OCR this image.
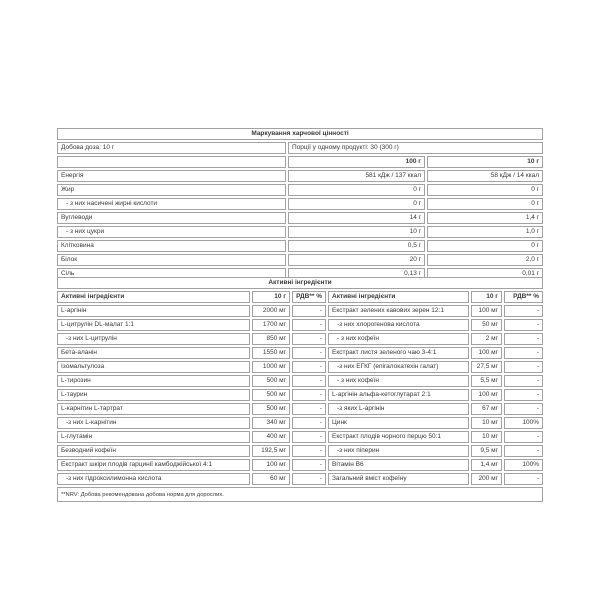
Маркування харчової цінності		
Добова доза: 10 г	Порції у одному продукті: 30 (300 г)	
	100 г	10 г
Енергія	581 кДж / 137 ккал	58 кДж / 14 ккал
Жир	0 г	0 г
- з них насичені жирні кислоти	0 г	0 г
Вуглеводи	14 г	1,4 г
- з них цукри	10 г	1,0 г
Клітковина	0,5 г	0 г
Білок	20 г	2,0 г
Сіль	0,13 г	0,01 г
Активні інгредієнти					
Активні інгредієнти	10 г	РДВ** %	Активні інгредієнти	10 г	РДВ** %
L-аргінін	2000 мг	-	Екстракт зелених кавових зерен 12:1	100 мг	-
L-цитрулін DL-малат 1:1	1700 мг	-	-з них хлорогенова кислота	50 мг	-
-з них L-цитрулін	850 мг	-	- з них кофеїн	2 мг	-
Бета-аланін	1550 мг	-	Екстракт листя зеленого чаю 3-4:1	100 мг	-
Ізомальтулоза	1000 мг	-	-з них ЕГКГ (епігалокатехін галат)	27,5 мг	-
L-тирозин	500 мг	-	- з них кофеїн	5,5 мг	-
L-таурин	500 мг	-	L-аргінін альфа-кетоглутарат 2:1	100 мг	-
L-карнітин L-тартрат	500 мг	-	-з яких L-аргінін	67 мг	-
-з них L-карнітин	340 мг	-	Цинк	10 мг	100%
L-глутамін	400 мг	-	Екстракт плодів чорного перцю 50:1	10 мг	-
Безводний кофеїн	192,5 мг	-	-з них піперин	9,5 мг	-
Екстракт шкіри плодів гарцинії камбоджійської 4:1	100 мг	-	Вітамін В6	1,4 мг	100%
-з них гідроксилимонна кислота	60 мг	-	Загальний вміст кофеїну	200 мг	-
**NRV: Добова рекомендована добова норма для дорослих.					
